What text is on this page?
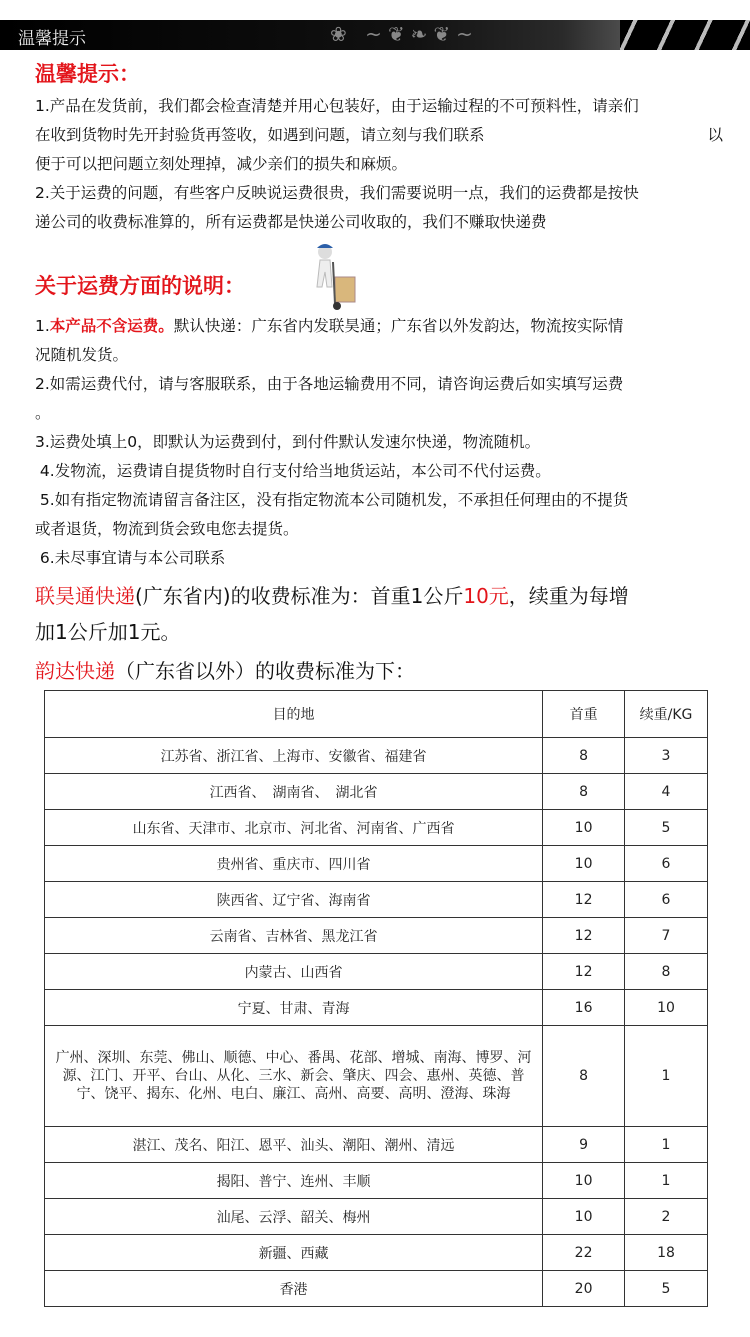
温馨提示	❀ ~❦❧❦~
温馨提示：
1.产品在发货前，我们都会检查清楚并用心包装好，由于运输过程的不可预料性，请亲们
在收到货物时先开封验货再签收，如遇到问题，请立刻与我们联系	以
便于可以把问题立刻处理掉，减少亲们的损失和麻烦。
2.关于运费的问题，有些客户反映说运费很贵，我们需要说明一点，我们的运费都是按快
递公司的收费标准算的，所有运费都是快递公司收取的，我们不赚取快递费
关于运费方面的说明：
1.本产品不含运费。默认快递：广东省内发联昊通；广东省以外发韵达，物流按实际情
况随机发货。
2.如需运费代付，请与客服联系，由于各地运输费用不同，请咨询运费后如实填写运费
。
3.运费处填上0，即默认为运费到付，到付件默认发速尔快递，物流随机。
4.发物流，运费请自提货物时自行支付给当地货运站，本公司不代付运费。
5.如有指定物流请留言备注区，没有指定物流本公司随机发，不承担任何理由的不提货
或者退货，物流到货会致电您去提货。
6.未尽事宜请与本公司联系
联昊通快递(广东省内)的收费标准为：首重1公斤10元，续重为每增
加1公斤加1元。
韵达快递（广东省以外）的收费标准为下：
目的地	首重	续重/KG
江苏省、浙江省、上海市、安徽省、福建省	8	3
江西省、　湖南省、　湖北省	8	4
山东省、天津市、北京市、河北省、河南省、广西省	10	5
贵州省、重庆市、四川省	10	6
陕西省、辽宁省、海南省	12	6
云南省、吉林省、黑龙江省	12	7
内蒙古、山西省	12	8
宁夏、甘肃、青海	16	10
广州、深圳、东莞、佛山、顺德、中心、番禺、花部、增城、南海、博罗、河源、江门、开平、台山、从化、三水、新会、肇庆、四会、惠州、英德、普宁、饶平、揭东、化州、电白、廉江、高州、高要、高明、澄海、珠海	8	1
湛江、茂名、阳江、恩平、汕头、潮阳、潮州、清远	9	1
揭阳、普宁、连州、丰顺	10	1
汕尾、云浮、韶关、梅州	10	2
新疆、西藏	22	18
香港	20	5
